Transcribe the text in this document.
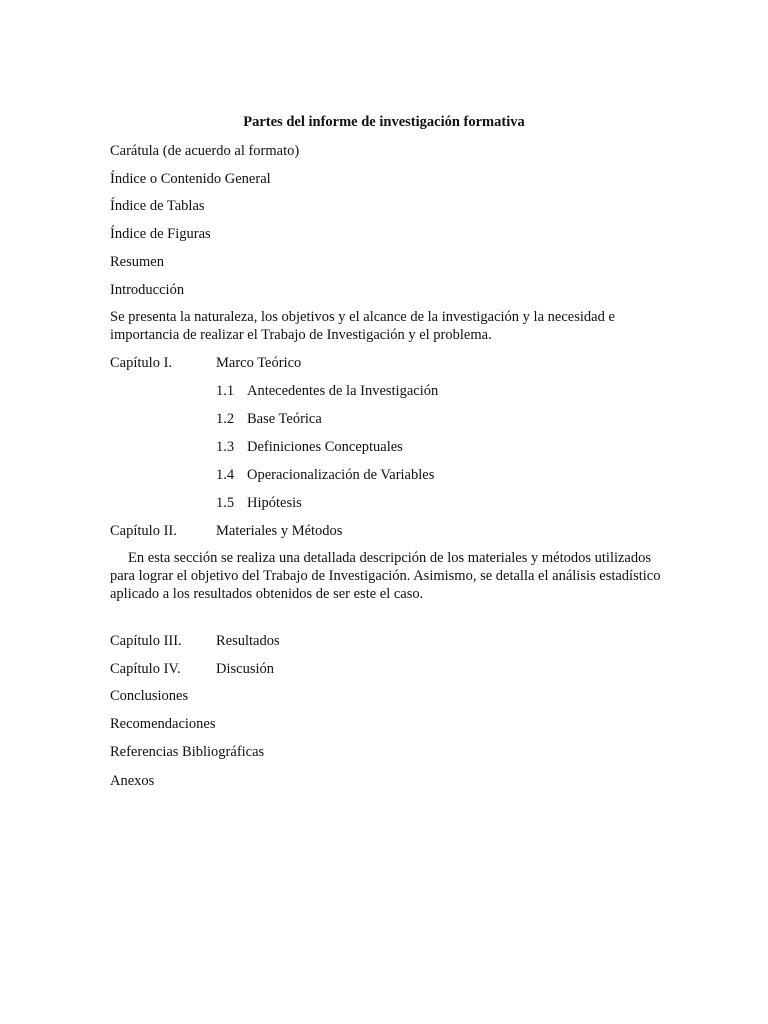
Partes del informe de investigación formativa
Carátula (de acuerdo al formato)
Índice o Contenido General
Índice de Tablas
Índice de Figuras
Resumen
Introducción
Se presenta la naturaleza, los objetivos y el alcance de la investigación y la necesidad e importancia de realizar el Trabajo de Investigación y el problema.
Capítulo I.	Marco Teórico
1.1 Antecedentes de la Investigación
1.2 Base Teórica
1.3 Definiciones Conceptuales
1.4 Operacionalización de Variables
1.5 Hipótesis
Capítulo II.	Materiales y Métodos
En esta sección se realiza una detallada descripción de los materiales y métodos utilizados para lograr el objetivo del Trabajo de Investigación. Asimismo, se detalla el análisis estadístico aplicado a los resultados obtenidos de ser este el caso.
Capítulo III. Resultados
Capítulo IV. Discusión
Conclusiones
Recomendaciones
Referencias Bibliográficas
Anexos
